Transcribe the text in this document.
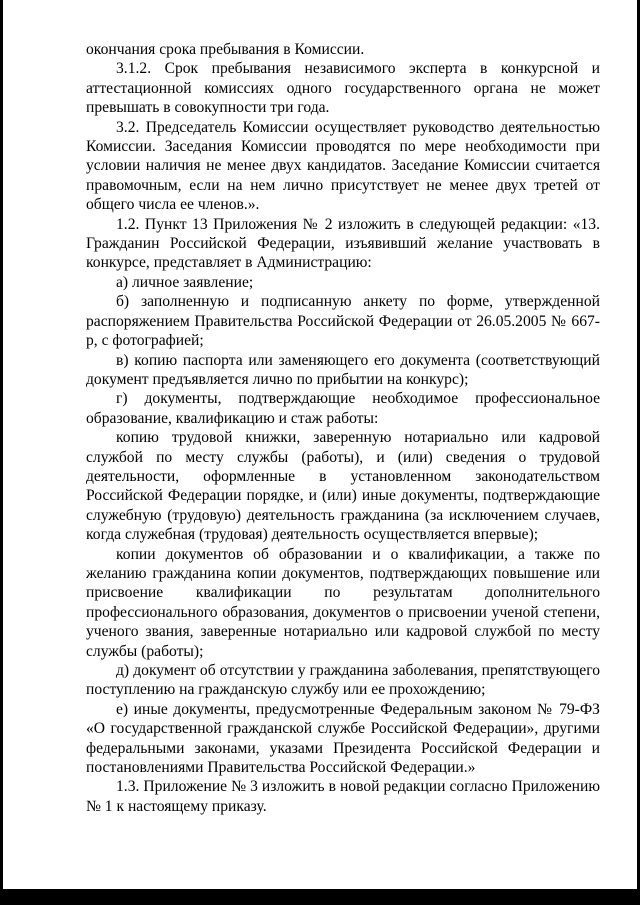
окончания срока пребывания в Комиссии.

3.1.2. Срок пребывания независимого эксперта в конкурсной и аттестационной комиссиях одного государственного органа не может превышать в совокупности три года.

3.2. Председатель Комиссии осуществляет руководство деятельностью Комиссии. Заседания Комиссии проводятся по мере необходимости при условии наличия не менее двух кандидатов. Заседание Комиссии считается правомочным, если на нем лично присутствует не менее двух третей от общего числа ее членов.».

1.2. Пункт 13 Приложения № 2 изложить в следующей редакции: «13. Гражданин Российской Федерации, изъявивший желание участвовать в конкурсе, представляет в Администрацию:

а) личное заявление;

б) заполненную и подписанную анкету по форме, утвержденной распоряжением Правительства Российской Федерации от 26.05.2005 № 667-р, с фотографией;

в) копию паспорта или заменяющего его документа (соответствующий документ предъявляется лично по прибытии на конкурс);

г) документы, подтверждающие необходимое профессиональное образование, квалификацию и стаж работы:

копию трудовой книжки, заверенную нотариально или кадровой службой по месту службы (работы), и (или) сведения о трудовой деятельности, оформленные в установленном законодательством Российской Федерации порядке, и (или) иные документы, подтверждающие служебную (трудовую) деятельность гражданина (за исключением случаев, когда служебная (трудовая) деятельность осуществляется впервые);

копии документов об образовании и о квалификации, а также по желанию гражданина копии документов, подтверждающих повышение или присвоение квалификации по результатам дополнительного профессионального образования, документов о присвоении ученой степени, ученого звания, заверенные нотариально или кадровой службой по месту службы (работы);

д) документ об отсутствии у гражданина заболевания, препятствующего поступлению на гражданскую службу или ее прохождению;

е) иные документы, предусмотренные Федеральным законом № 79-ФЗ «О государственной гражданской службе Российской Федерации», другими федеральными законами, указами Президента Российской Федерации и постановлениями Правительства Российской Федерации.»

1.3. Приложение № 3 изложить в новой редакции согласно Приложению № 1 к настоящему приказу.
